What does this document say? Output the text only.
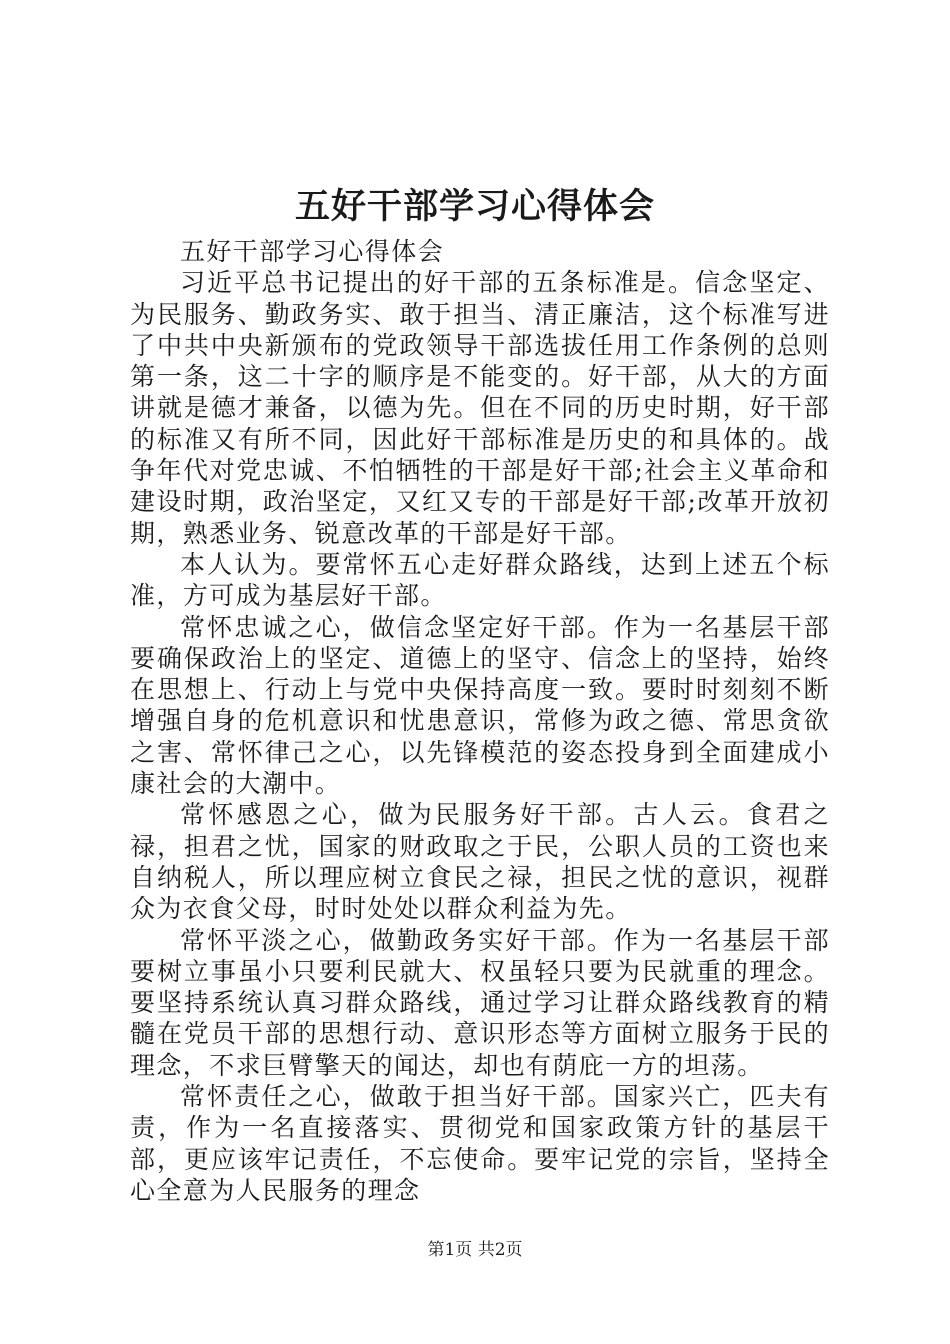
五好干部学习心得体会

五好干部学习心得体会

习近平总书记提出的好干部的五条标准是。信念坚定、为民服务、勤政务实、敢于担当、清正廉洁，这个标准写进了中共中央新颁布的党政领导干部选拔任用工作条例的总则第一条，这二十字的顺序是不能变的。好干部，从大的方面讲就是德才兼备，以德为先。但在不同的历史时期，好干部的标准又有所不同，因此好干部标准是历史的和具体的。战争年代对党忠诚、不怕牺牲的干部是好干部;社会主义革命和建设时期，政治坚定，又红又专的干部是好干部;改革开放初期，熟悉业务、锐意改革的干部是好干部。

本人认为。要常怀五心走好群众路线，达到上述五个标准，方可成为基层好干部。

常怀忠诚之心，做信念坚定好干部。作为一名基层干部要确保政治上的坚定、道德上的坚守、信念上的坚持，始终在思想上、行动上与党中央保持高度一致。要时时刻刻不断增强自身的危机意识和忧患意识，常修为政之德、常思贪欲之害、常怀律己之心，以先锋模范的姿态投身到全面建成小康社会的大潮中。

常怀感恩之心，做为民服务好干部。古人云。食君之禄，担君之忧，国家的财政取之于民，公职人员的工资也来自纳税人，所以理应树立食民之禄，担民之忧的意识，视群众为衣食父母，时时处处以群众利益为先。

常怀平淡之心，做勤政务实好干部。作为一名基层干部要树立事虽小只要利民就大、权虽轻只要为民就重的理念。要坚持系统认真习群众路线，通过学习让群众路线教育的精髓在党员干部的思想行动、意识形态等方面树立服务于民的理念，不求巨臂擎天的闻达，却也有荫庇一方的坦荡。

常怀责任之心，做敢于担当好干部。国家兴亡，匹夫有责，作为一名直接落实、贯彻党和国家政策方针的基层干部，更应该牢记责任，不忘使命。要牢记党的宗旨，坚持全心全意为人民服务的理念

第1页 共2页
